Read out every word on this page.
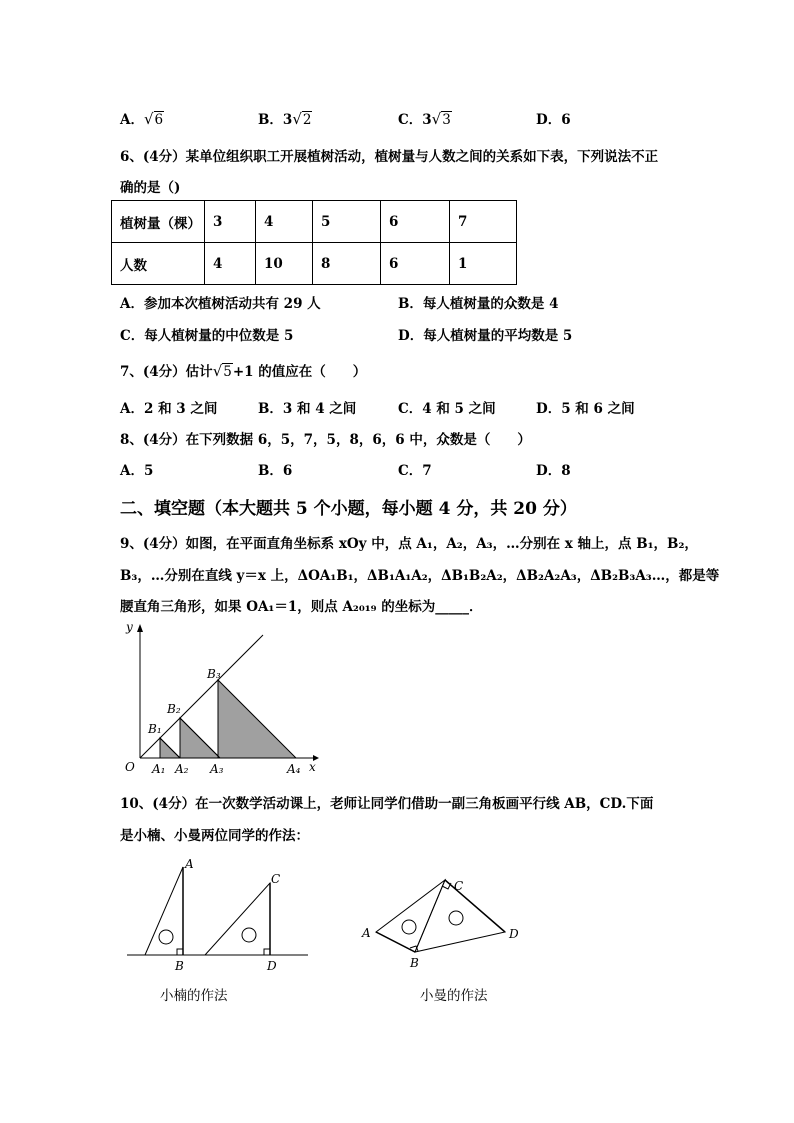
A．√6	B．3√2	C．3√3	D．6
6、(4分）某单位组织职工开展植树活动，植树量与人数之间的关系如下表，下列说法不正
确的是（)
植树量（棵）	3	4	5	6	7
人数	4	10	8	6	1
A．参加本次植树活动共有 29 人	B．每人植树量的众数是 4
C．每人植树量的中位数是 5	D．每人植树量的平均数是 5
7、(4分）估计√5+1 的值应在（　　）
A．2 和 3 之间	B．3 和 4 之间	C．4 和 5 之间	D．5 和 6 之间
8、(4分）在下列数据 6，5，7，5，8，6，6 中，众数是（　　）
A．5	B．6	C．7	D．8
二、填空题（本大题共 5 个小题，每小题 4 分，共 20 分）
9、(4分）如图，在平面直角坐标系 xOy 中，点 A₁，A₂，A₃，…分别在 x 轴上，点 B₁，B₂，
B₃，…分别在直线 y＝x 上，ΔOA₁B₁，ΔB₁A₁A₂，ΔB₁B₂A₂，ΔB₂A₂A₃，ΔB₂B₃A₃…，都是等
腰直角三角形，如果 OA₁＝1，则点 A₂₀₁₉ 的坐标为_____．
y
x
O A₁ A₂ A₃	A₄
B₁
B₂
B₃
10、(4分）在一次数学活动课上，老师让同学们借助一副三角板画平行线 AB，CD.下面
是小楠、小曼两位同学的作法：
A
B
C
D
小楠的作法
A
B
C
D
小曼的作法
